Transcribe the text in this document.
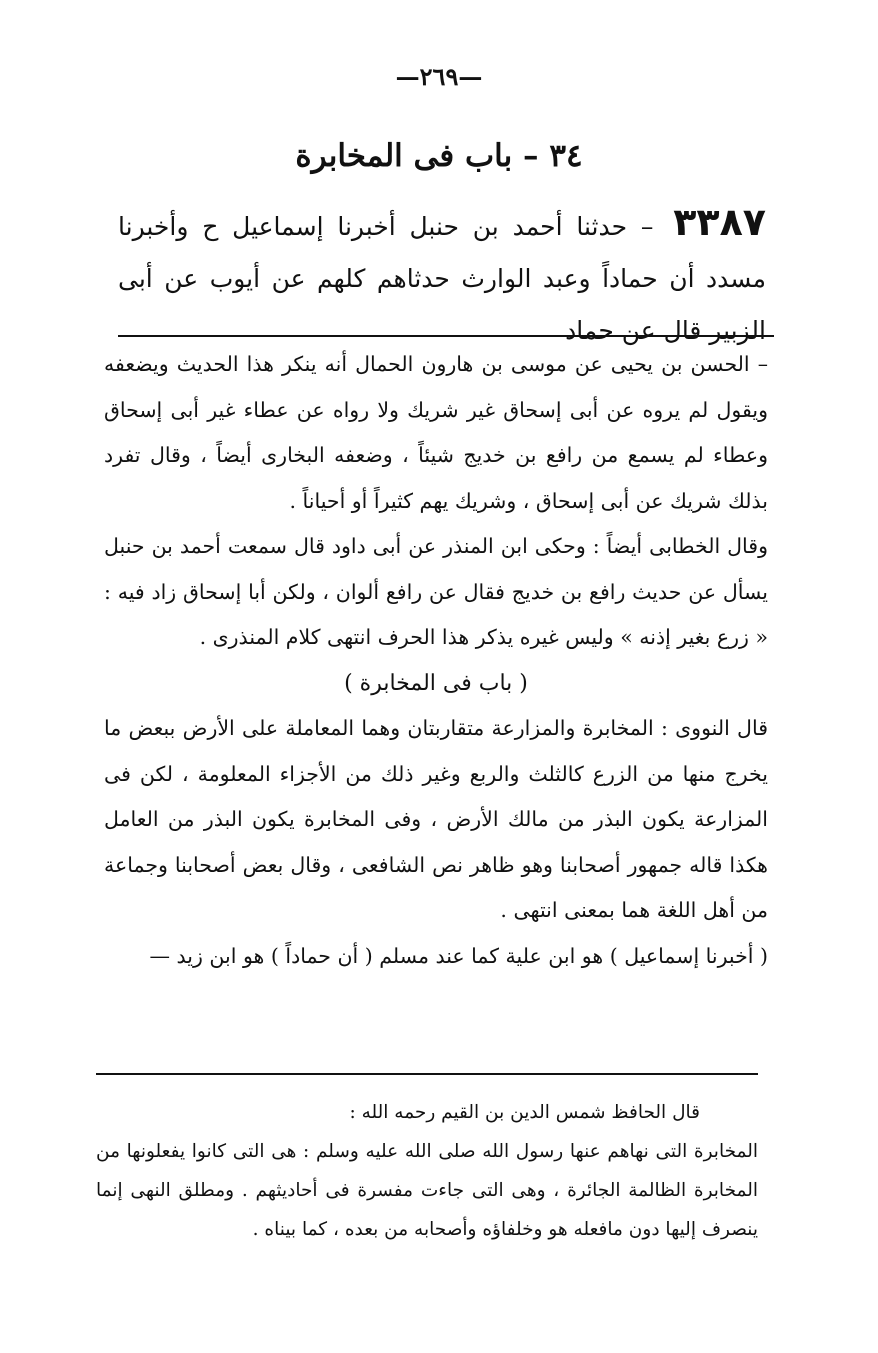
—٢٦٩—
٣٤ – باب فى المخابرة
٣٣٨٧ – حدثنا أحمد بن حنبل أخبرنا إسماعيل ح وأخبرنا مسدد أن حماداً وعبد الوارث حدثاهم كلهم عن أيوب عن أبى الزبير قال عن حماد

– الحسن بن يحيى عن موسى بن هارون الحمال أنه ينكر هذا الحديث ويضعفه ويقول لم يروه عن أبى إسحاق غير شريك ولا رواه عن عطاء غير أبى إسحاق وعطاء لم يسمع من رافع بن خديج شيئاً ، وضعفه البخارى أيضاً ، وقال تفرد بذلك شريك عن أبى إسحاق ، وشريك يهم كثيراً أو أحياناً .

وقال الخطابى أيضاً : وحكى ابن المنذر عن أبى داود قال سمعت أحمد بن حنبل يسأل عن حديث رافع بن خديج فقال عن رافع ألوان ، ولكن أبا إسحاق زاد فيه : « زرع بغير إذنه » وليس غيره يذكر هذا الحرف انتهى كلام المنذرى .

( باب فى المخابرة )

قال النووى : المخابرة والمزارعة متقاربتان وهما المعاملة على الأرض ببعض ما يخرج منها من الزرع كالثلث والربع وغير ذلك من الأجزاء المعلومة ، لكن فى المزارعة يكون البذر من مالك الأرض ، وفى المخابرة يكون البذر من العامل هكذا قاله جمهور أصحابنا وهو ظاهر نص الشافعى ، وقال بعض أصحابنا وجماعة من أهل اللغة هما بمعنى انتهى .

( أخبرنا إسماعيل ) هو ابن علية كما عند مسلم ( أن حماداً ) هو ابن زيد —

قال الحافظ شمس الدين بن القيم رحمه الله :

المخابرة التى نهاهم عنها رسول الله صلى الله عليه وسلم : هى التى كانوا يفعلونها من المخابرة الظالمة الجائرة ، وهى التى جاءت مفسرة فى أحاديثهم . ومطلق النهى إنما ينصرف إليها دون مافعله هو وخلفاؤه وأصحابه من بعده ، كما بيناه .
